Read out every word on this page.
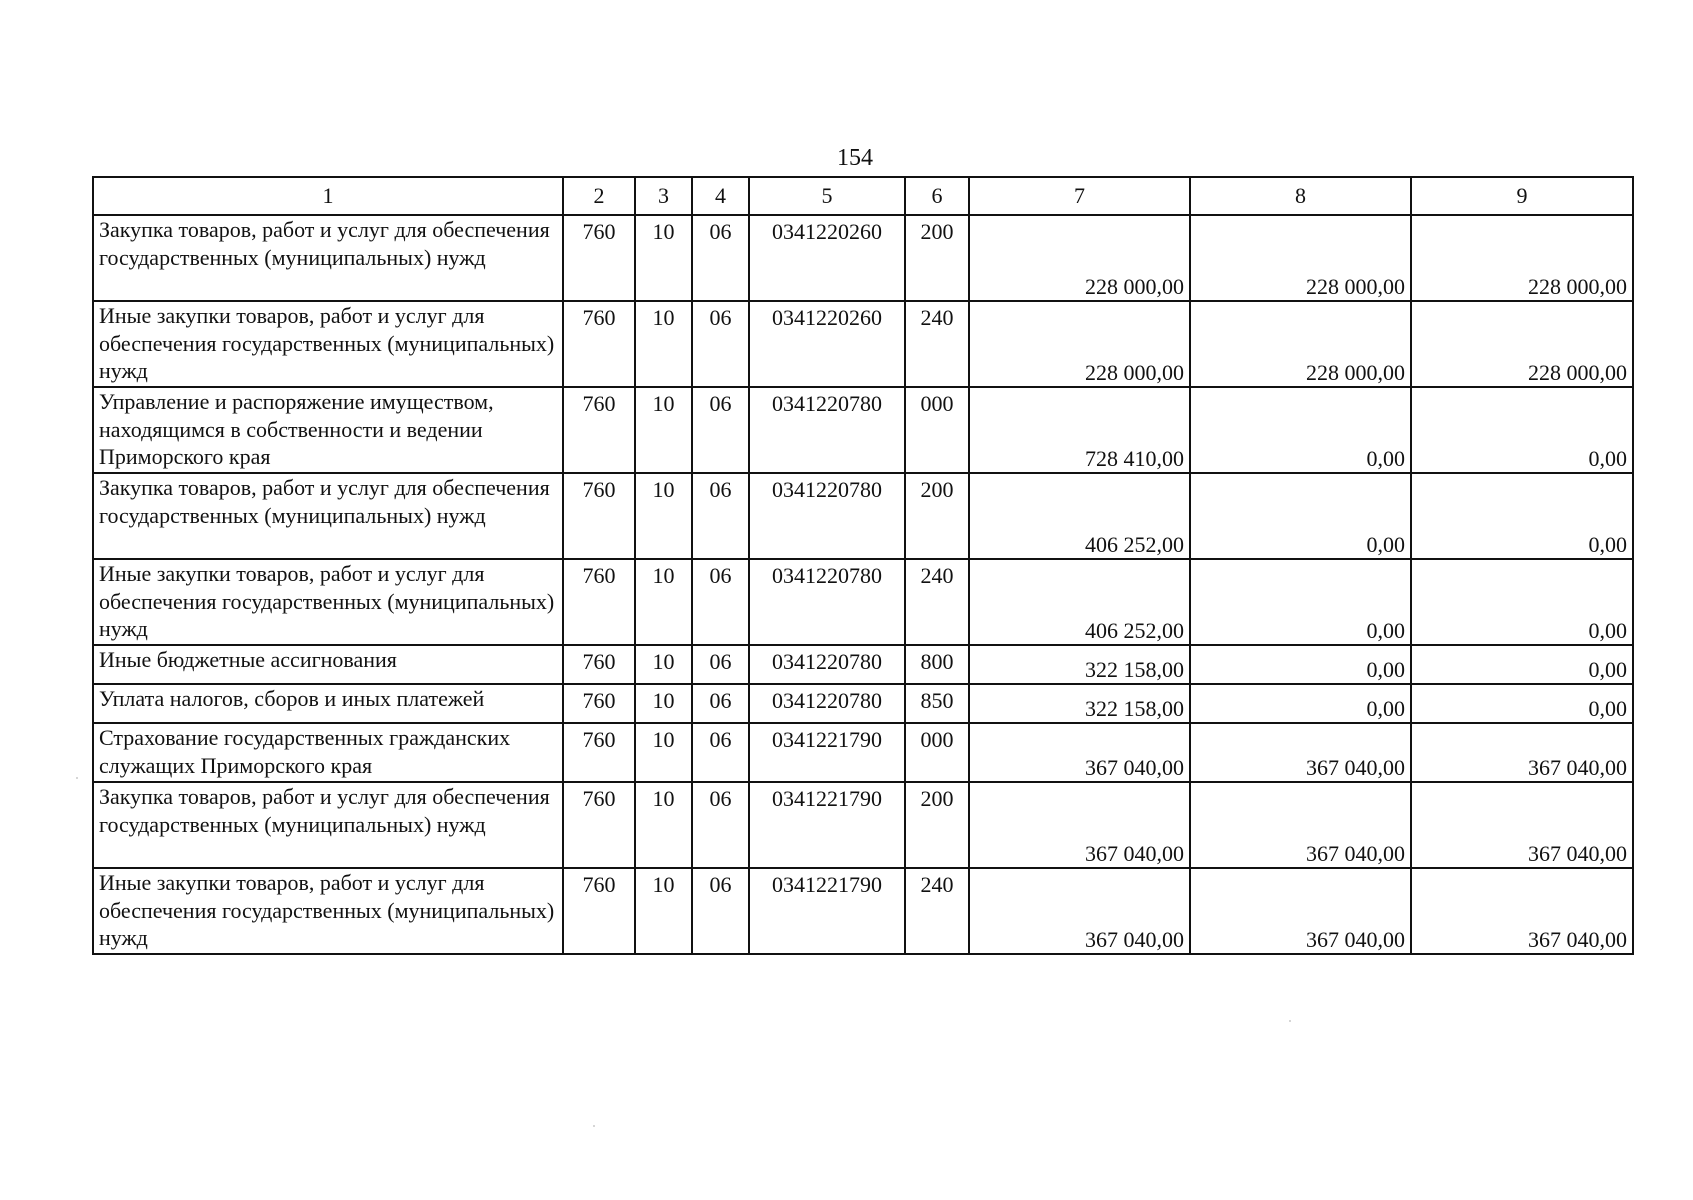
154
1	2	3	4	5	6	7	8	9
Закупка товаров, работ и услуг для обеспечения государственных (муниципальных) нужд	760	10	06	0341220260	200	228 000,00	228 000,00	228 000,00
Иные закупки товаров, работ и услуг для обеспечения государственных (муниципальных) нужд	760	10	06	0341220260	240	228 000,00	228 000,00	228 000,00
Управление и распоряжение имуществом, находящимся в собственности и ведении Приморского края	760	10	06	0341220780	000	728 410,00	0,00	0,00
Закупка товаров, работ и услуг для обеспечения государственных (муниципальных) нужд	760	10	06	0341220780	200	406 252,00	0,00	0,00
Иные закупки товаров, работ и услуг для обеспечения государственных (муниципальных) нужд	760	10	06	0341220780	240	406 252,00	0,00	0,00
Иные бюджетные ассигнования	760	10	06	0341220780	800	322 158,00	0,00	0,00
Уплата налогов, сборов и иных платежей	760	10	06	0341220780	850	322 158,00	0,00	0,00
Страхование государственных гражданских служащих Приморского края	760	10	06	0341221790	000	367 040,00	367 040,00	367 040,00
Закупка товаров, работ и услуг для обеспечения государственных (муниципальных) нужд	760	10	06	0341221790	200	367 040,00	367 040,00	367 040,00
Иные закупки товаров, работ и услуг для обеспечения государственных (муниципальных) нужд	760	10	06	0341221790	240	367 040,00	367 040,00	367 040,00
